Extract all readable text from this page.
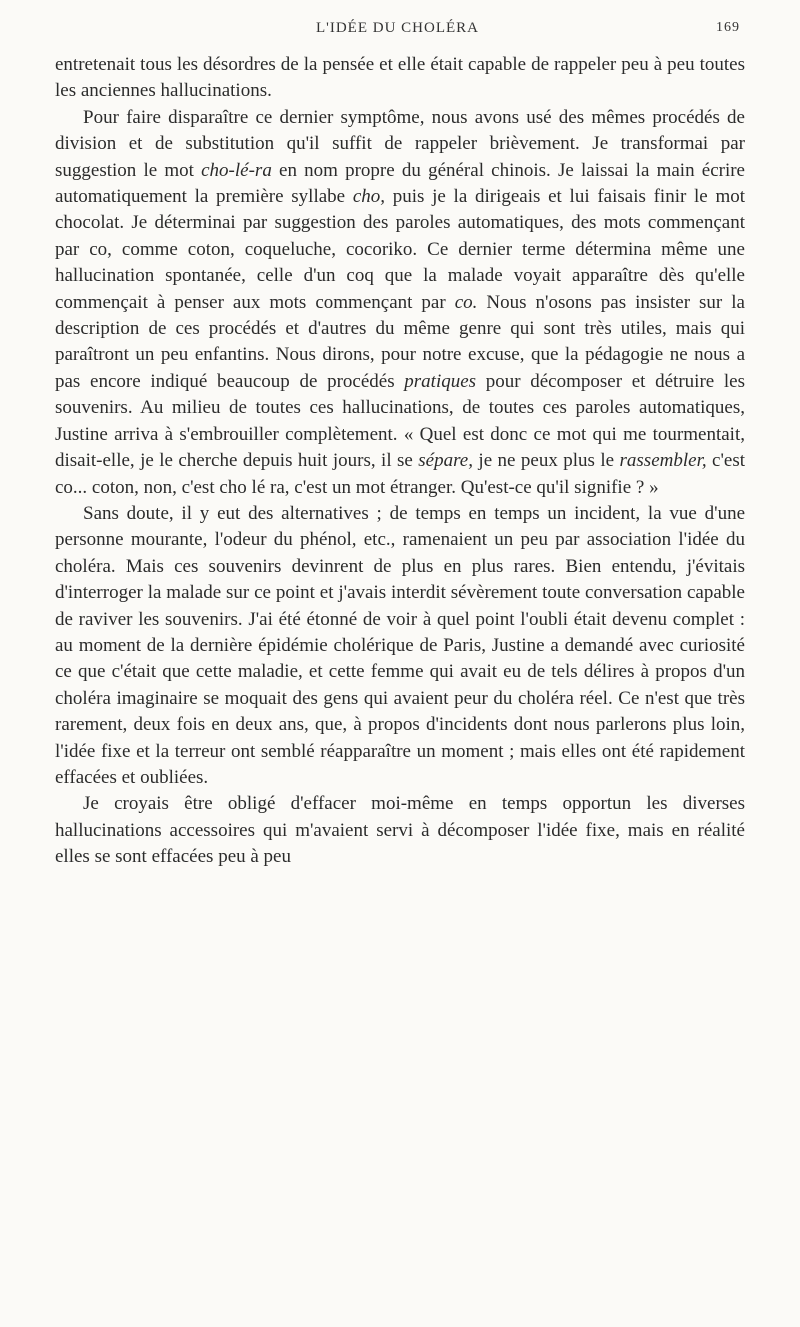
L'IDÉE DU CHOLÉRA	169

entretenait tous les désordres de la pensée et elle était capable de rappeler peu à peu toutes les anciennes hallucinations.

Pour faire disparaître ce dernier symptôme, nous avons usé des mêmes procédés de division et de substitution qu'il suffit de rappeler brièvement. Je transformai par suggestion le mot cho-lé-ra en nom propre du général chinois. Je laissai la main écrire automatiquement la première syllabe cho, puis je la dirigeais et lui faisais finir le mot chocolat. Je déterminai par suggestion des paroles automatiques, des mots commençant par co, comme coton, coqueluche, cocoriko. Ce dernier terme détermina même une hallucination spontanée, celle d'un coq que la malade voyait apparaître dès qu'elle commençait à penser aux mots commençant par co. Nous n'osons pas insister sur la description de ces procédés et d'autres du même genre qui sont très utiles, mais qui paraîtront un peu enfantins. Nous dirons, pour notre excuse, que la pédagogie ne nous a pas encore indiqué beaucoup de procédés pratiques pour décomposer et détruire les souvenirs. Au milieu de toutes ces hallucinations, de toutes ces paroles automatiques, Justine arriva à s'embrouiller complètement. « Quel est donc ce mot qui me tourmentait, disait-elle, je le cherche depuis huit jours, il se sépare, je ne peux plus le rassembler, c'est co... coton, non, c'est cho lé ra, c'est un mot étranger. Qu'est-ce qu'il signifie ? »

Sans doute, il y eut des alternatives ; de temps en temps un incident, la vue d'une personne mourante, l'odeur du phénol, etc., ramenaient un peu par association l'idée du choléra. Mais ces souvenirs devinrent de plus en plus rares. Bien entendu, j'évitais d'interroger la malade sur ce point et j'avais interdit sévèrement toute conversation capable de raviver les souvenirs. J'ai été étonné de voir à quel point l'oubli était devenu complet : au moment de la dernière épidémie cholérique de Paris, Justine a demandé avec curiosité ce que c'était que cette maladie, et cette femme qui avait eu de tels délires à propos d'un choléra imaginaire se moquait des gens qui avaient peur du choléra réel. Ce n'est que très rarement, deux fois en deux ans, que, à propos d'incidents dont nous parlerons plus loin, l'idée fixe et la terreur ont semblé réapparaître un moment ; mais elles ont été rapidement effacées et oubliées.

Je croyais être obligé d'effacer moi-même en temps opportun les diverses hallucinations accessoires qui m'avaient servi à décomposer l'idée fixe, mais en réalité elles se sont effacées peu à peu
